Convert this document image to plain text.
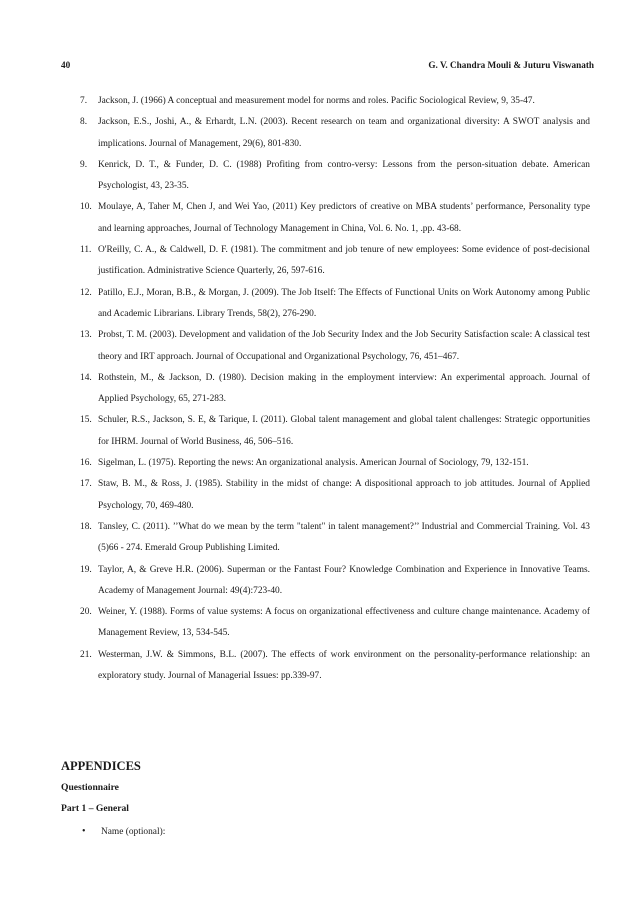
40	G. V. Chandra Mouli & Juturu Viswanath
7. Jackson, J. (1966) A conceptual and measurement model for norms and roles. Pacific Sociological Review, 9, 35-47.
8. Jackson, E.S., Joshi, A., & Erhardt, L.N. (2003). Recent research on team and organizational diversity: A SWOT analysis and implications. Journal of Management, 29(6), 801-830.
9. Kenrick, D. T., & Funder, D. C. (1988) Profiting from contro-versy: Lessons from the person-situation debate. American Psychologist, 43, 23-35.
10. Moulaye, A, Taher M, Chen J, and Wei Yao, (2011) Key predictors of creative on MBA students’ performance, Personality type and learning approaches, Journal of Technology Management in China, Vol. 6. No. 1, .pp. 43-68.
11. O'Reilly, C. A., & Caldwell, D. F. (1981). The commitment and job tenure of new employees: Some evidence of post-decisional justification. Administrative Science Quarterly, 26, 597-616.
12. Patillo, E.J., Moran, B.B., & Morgan, J. (2009). The Job Itself: The Effects of Functional Units on Work Autonomy among Public and Academic Librarians. Library Trends, 58(2), 276-290.
13. Probst, T. M. (2003). Development and validation of the Job Security Index and the Job Security Satisfaction scale: A classical test theory and IRT approach. Journal of Occupational and Organizational Psychology, 76, 451–467.
14. Rothstein, M., & Jackson, D. (1980). Decision making in the employment interview: An experimental approach. Journal of Applied Psychology, 65, 271-283.
15. Schuler, R.S., Jackson, S. E, & Tarique, I. (2011). Global talent management and global talent challenges: Strategic opportunities for IHRM. Journal of World Business, 46, 506–516.
16. Sigelman, L. (1975). Reporting the news: An organizational analysis. American Journal of Sociology, 79, 132-151.
17. Staw, B. M., & Ross, J. (1985). Stability in the midst of change: A dispositional approach to job attitudes. Journal of Applied Psychology, 70, 469-480.
18. Tansley, C. (2011). ’’What do we mean by the term "talent" in talent management?’’ Industrial and Commercial Training. Vol. 43 (5)66 - 274. Emerald Group Publishing Limited.
19. Taylor, A, & Greve H.R. (2006). Superman or the Fantast Four? Knowledge Combination and Experience in Innovative Teams. Academy of Management Journal: 49(4):723-40.
20. Weiner, Y. (1988). Forms of value systems: A focus on organizational effectiveness and culture change maintenance. Academy of Management Review, 13, 534-545.
21. Westerman, J.W. & Simmons, B.L. (2007). The effects of work environment on the personality-performance relationship: an exploratory study. Journal of Managerial Issues: pp.339-97.

APPENDICES

Questionnaire

Part 1 – General

• Name (optional):
